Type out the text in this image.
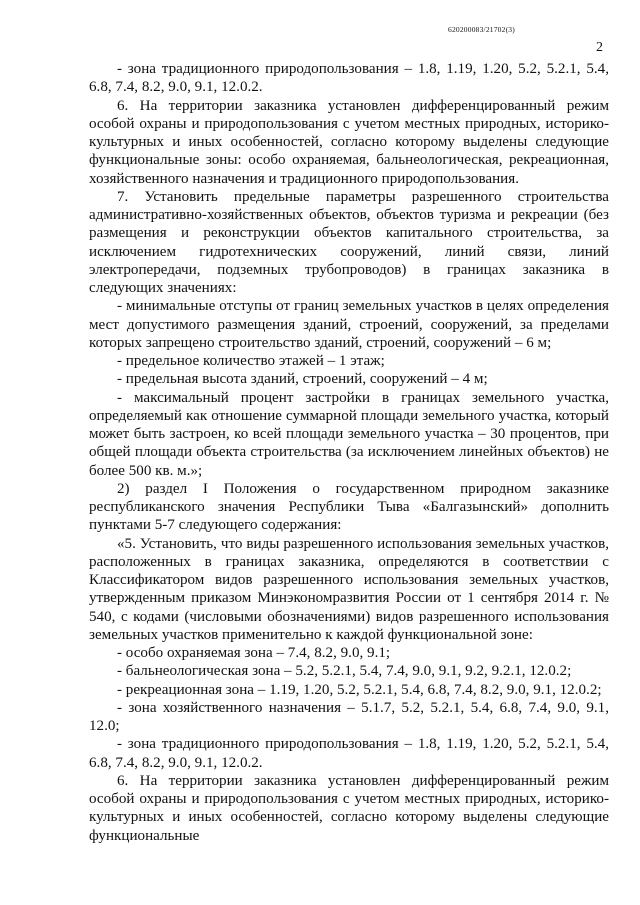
620200083/21702(3)
2

- зона традиционного природопользования – 1.8, 1.19, 1.20, 5.2, 5.2.1, 5.4, 6.8, 7.4, 8.2, 9.0, 9.1, 12.0.2.

6. На территории заказника установлен дифференцированный режим особой охраны и природопользования с учетом местных природных, историко-культурных и иных особенностей, согласно которому выделены следующие функциональные зоны: особо охраняемая, бальнеологическая, рекреационная, хозяйственного назначения и традиционного природопользования.

7. Установить предельные параметры разрешенного строительства административно-хозяйственных объектов, объектов туризма и рекреации (без размещения и реконструкции объектов капитального строительства, за исключением гидротехнических сооружений, линий связи, линий электропередачи, подземных трубопроводов) в границах заказника в следующих значениях:

- минимальные отступы от границ земельных участков в целях определения мест допустимого размещения зданий, строений, сооружений, за пределами которых запрещено строительство зданий, строений, сооружений – 6 м;

- предельное количество этажей – 1 этаж;

- предельная высота зданий, строений, сооружений – 4 м;

- максимальный процент застройки в границах земельного участка, определяемый как отношение суммарной площади земельного участка, который может быть застроен, ко всей площади земельного участка – 30 процентов, при общей площади объекта строительства (за исключением линейных объектов) не более 500 кв. м.»;

2) раздел I Положения о государственном природном заказнике республиканского значения Республики Тыва «Балгазынский» дополнить пунктами 5-7 следующего содержания:

«5. Установить, что виды разрешенного использования земельных участков, расположенных в границах заказника, определяются в соответствии с Классификатором видов разрешенного использования земельных участков, утвержденным приказом Минэкономразвития России от 1 сентября 2014 г. № 540, с кодами (числовыми обозначениями) видов разрешенного использования земельных участков применительно к каждой функциональной зоне:

- особо охраняемая зона – 7.4, 8.2, 9.0, 9.1;

- бальнеологическая зона – 5.2, 5.2.1, 5.4, 7.4, 9.0, 9.1, 9.2, 9.2.1, 12.0.2;

- рекреационная зона – 1.19, 1.20, 5.2, 5.2.1, 5.4, 6.8, 7.4, 8.2, 9.0, 9.1, 12.0.2;

- зона хозяйственного назначения – 5.1.7, 5.2, 5.2.1, 5.4, 6.8, 7.4, 9.0, 9.1, 12.0;

- зона традиционного природопользования – 1.8, 1.19, 1.20, 5.2, 5.2.1, 5.4, 6.8, 7.4, 8.2, 9.0, 9.1, 12.0.2.

6. На территории заказника установлен дифференцированный режим особой охраны и природопользования с учетом местных природных, историко-культурных и иных особенностей, согласно которому выделены следующие функциональные
